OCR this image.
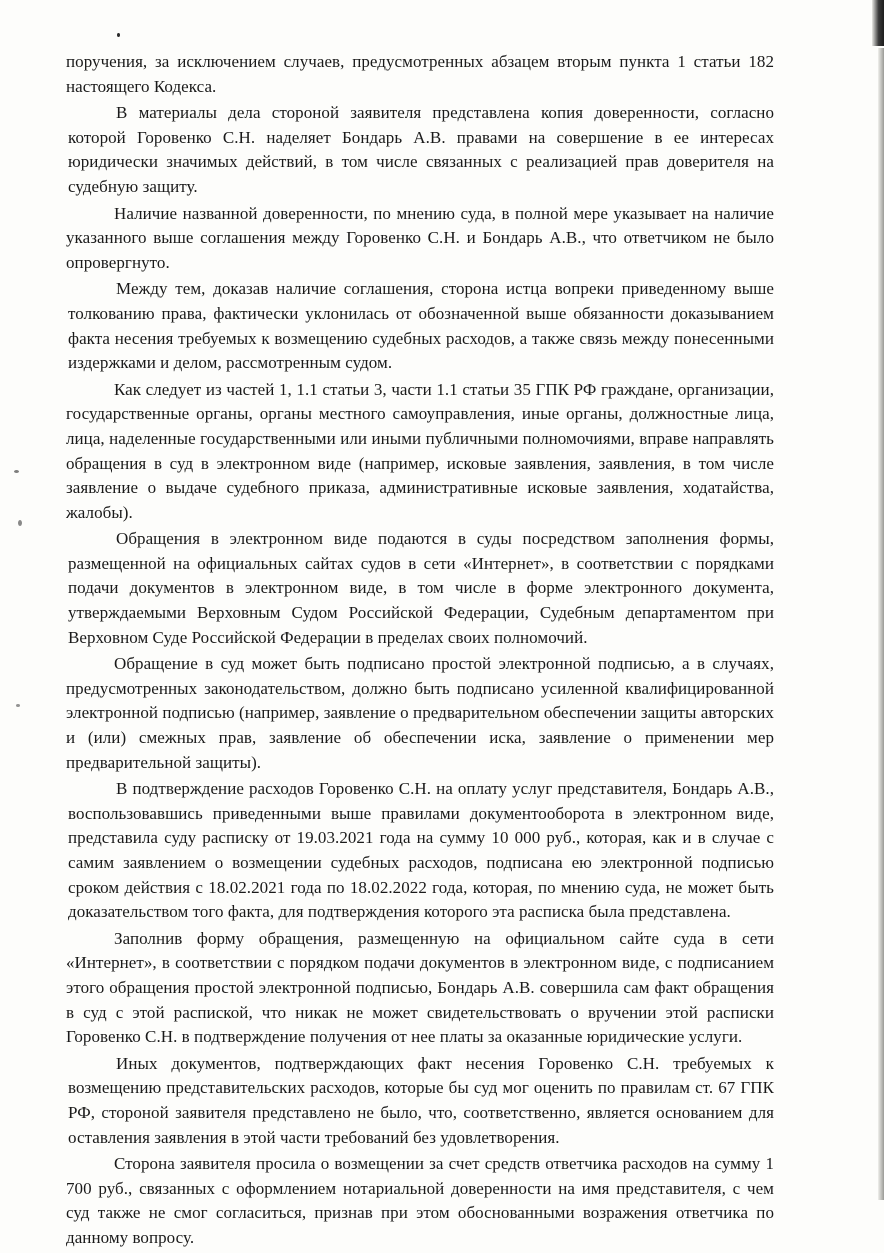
поручения, за исключением случаев, предусмотренных абзацем вторым пункта 1 статьи 182 настоящего Кодекса.

В материалы дела стороной заявителя представлена копия доверенности, согласно которой Горовенко С.Н. наделяет Бондарь А.В. правами на совершение в ее интересах юридически значимых действий, в том числе связанных с реализацией прав доверителя на судебную защиту.

Наличие названной доверенности, по мнению суда, в полной мере указывает на наличие указанного выше соглашения между Горовенко С.Н. и Бондарь А.В., что ответчиком не было опровергнуто.

Между тем, доказав наличие соглашения, сторона истца вопреки приведенному выше толкованию права, фактически уклонилась от обозначенной выше обязанности доказыванием факта несения требуемых к возмещению судебных расходов, а также связь между понесенными издержками и делом, рассмотренным судом.

Как следует из частей 1, 1.1 статьи 3, части 1.1 статьи 35 ГПК РФ граждане, организации, государственные органы, органы местного самоуправления, иные органы, должностные лица, лица, наделенные государственными или иными публичными полномочиями, вправе направлять обращения в суд в электронном виде (например, исковые заявления, заявления, в том числе заявление о выдаче судебного приказа, административные исковые заявления, ходатайства, жалобы).

Обращения в электронном виде подаются в суды посредством заполнения формы, размещенной на официальных сайтах судов в сети «Интернет», в соответствии с порядками подачи документов в электронном виде, в том числе в форме электронного документа, утверждаемыми Верховным Судом Российской Федерации, Судебным департаментом при Верховном Суде Российской Федерации в пределах своих полномочий.

Обращение в суд может быть подписано простой электронной подписью, а в случаях, предусмотренных законодательством, должно быть подписано усиленной квалифицированной электронной подписью (например, заявление о предварительном обеспечении защиты авторских и (или) смежных прав, заявление об обеспечении иска, заявление о применении мер предварительной защиты).

В подтверждение расходов Горовенко С.Н. на оплату услуг представителя, Бондарь А.В., воспользовавшись приведенными выше правилами документооборота в электронном виде, представила суду расписку от 19.03.2021 года на сумму 10 000 руб., которая, как и в случае с самим заявлением о возмещении судебных расходов, подписана ею электронной подписью сроком действия с 18.02.2021 года по 18.02.2022 года, которая, по мнению суда, не может быть доказательством того факта, для подтверждения которого эта расписка была представлена.

Заполнив форму обращения, размещенную на официальном сайте суда в сети «Интернет», в соответствии с порядком подачи документов в электронном виде, с подписанием этого обращения простой электронной подписью, Бондарь А.В. совершила сам факт обращения в суд с этой распиской, что никак не может свидетельствовать о вручении этой расписки Горовенко С.Н. в подтверждение получения от нее платы за оказанные юридические услуги.

Иных документов, подтверждающих факт несения Горовенко С.Н. требуемых к возмещению представительских расходов, которые бы суд мог оценить по правилам ст. 67 ГПК РФ, стороной заявителя представлено не было, что, соответственно, является основанием для оставления заявления в этой части требований без удовлетворения.

Сторона заявителя просила о возмещении за счет средств ответчика расходов на сумму 1 700 руб., связанных с оформлением нотариальной доверенности на имя представителя, с чем суд также не смог согласиться, признав при этом обоснованными возражения ответчика по данному вопросу.
